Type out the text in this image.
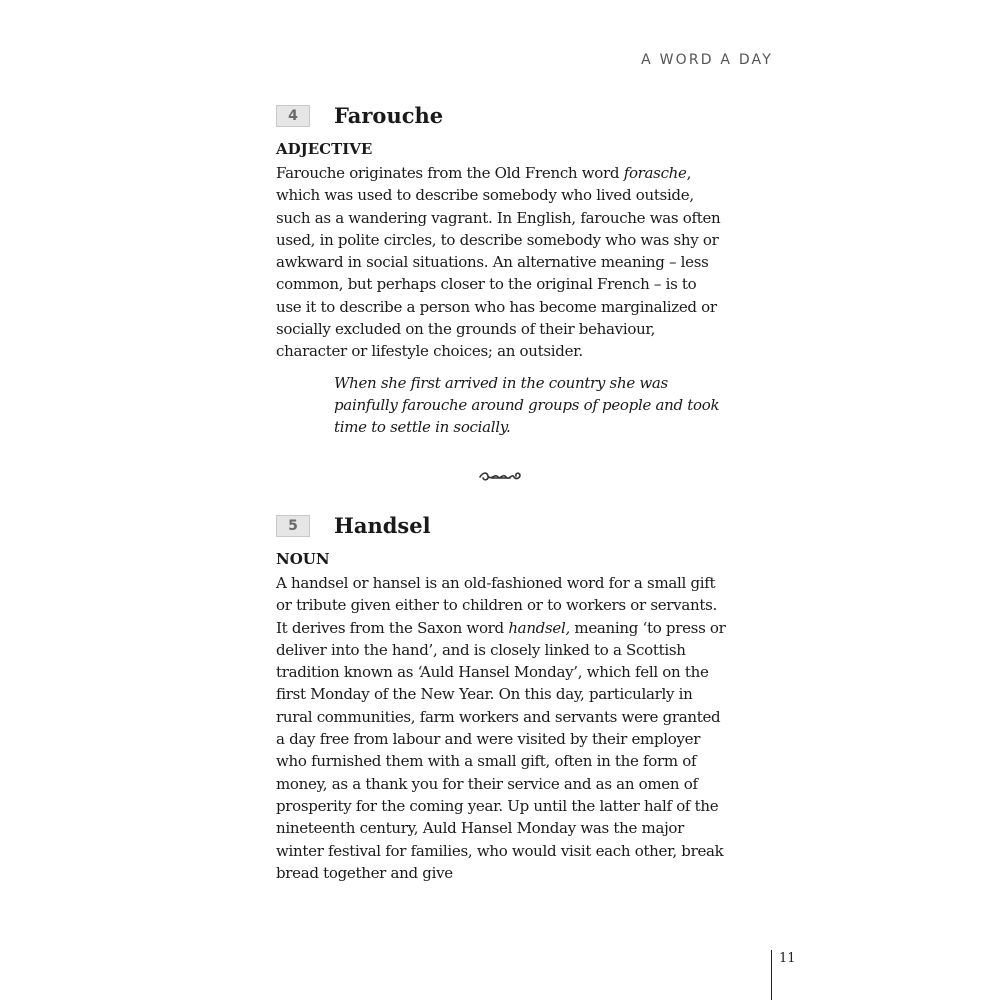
A WORD A DAY

4	Farouche

ADJECTIVE

Farouche originates from the Old French word forasche, which was used to describe somebody who lived outside, such as a wandering vagrant. In English, farouche was often used, in polite circles, to describe somebody who was shy or awkward in social situations. An alternative meaning – less common, but perhaps closer to the original French – is to use it to describe a person who has become marginalized or socially excluded on the grounds of their behaviour, character or lifestyle choices; an outsider.

When she first arrived in the country she was painfully farouche around groups of people and took time to settle in socially.

5	Handsel

NOUN

A handsel or hansel is an old-fashioned word for a small gift or tribute given either to children or to workers or servants. It derives from the Saxon word handsel, meaning ‘to press or deliver into the hand’, and is closely linked to a Scottish tradition known as ‘Auld Hansel Monday’, which fell on the first Monday of the New Year. On this day, particularly in rural communities, farm workers and servants were granted a day free from labour and were visited by their employer who furnished them with a small gift, often in the form of money, as a thank you for their service and as an omen of prosperity for the coming year. Up until the latter half of the nineteenth century, Auld Hansel Monday was the major winter festival for families, who would visit each other, break bread together and give

11
